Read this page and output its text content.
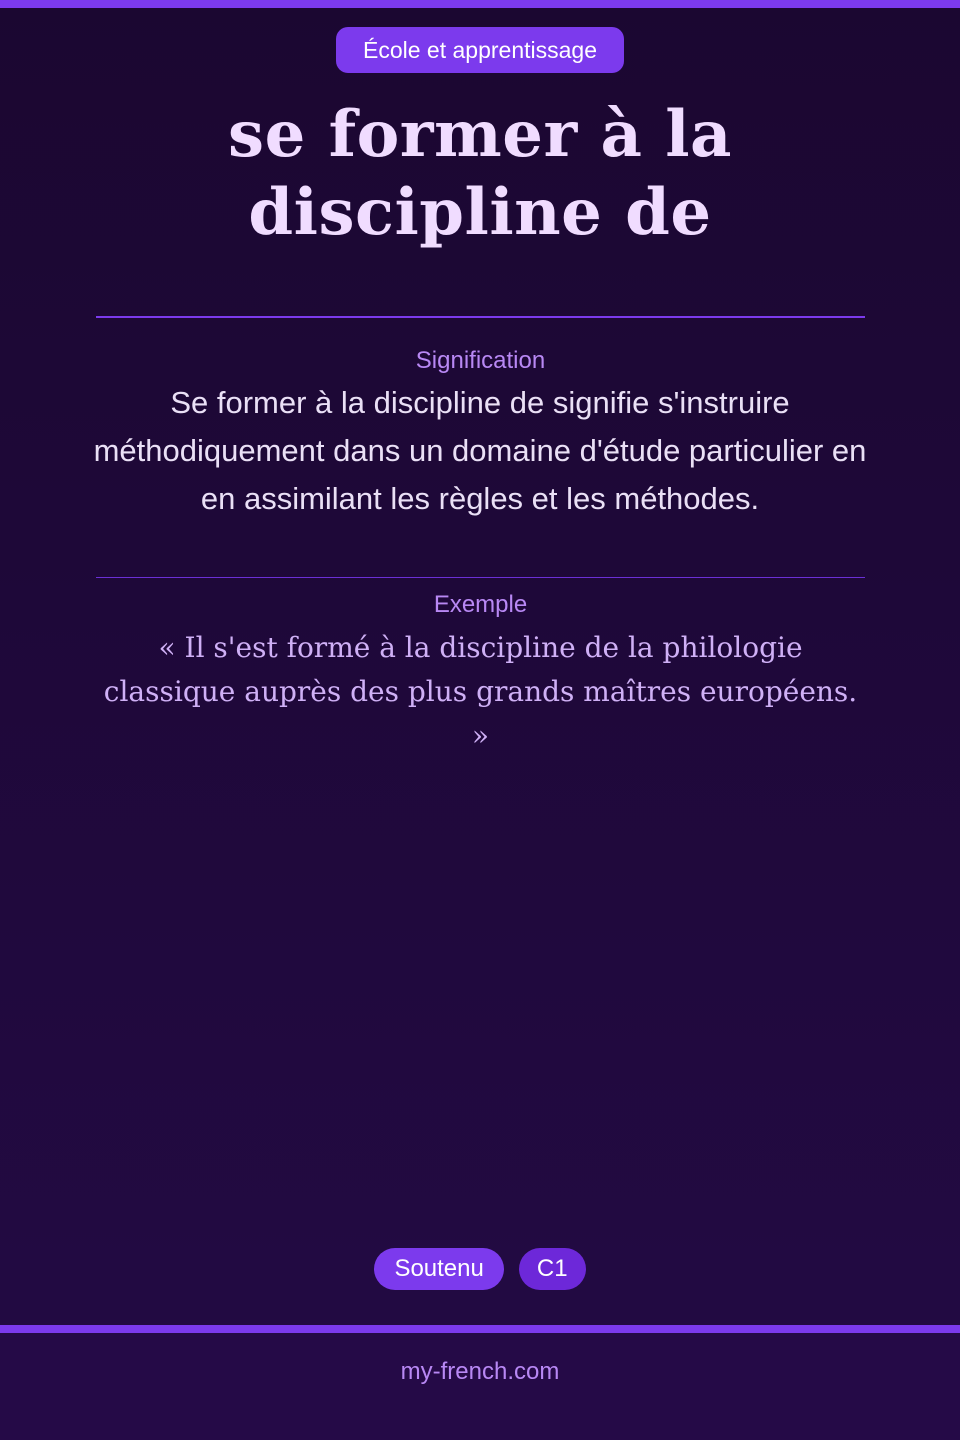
École et apprentissage
se former à la discipline de
Signification

Se former à la discipline de signifie s'instruire méthodiquement dans un domaine d'étude particulier en en assimilant les règles et les méthodes.

Exemple

« Il s'est formé à la discipline de la philologie classique auprès des plus grands maîtres européens. »

Soutenu	C1
my-french.com
